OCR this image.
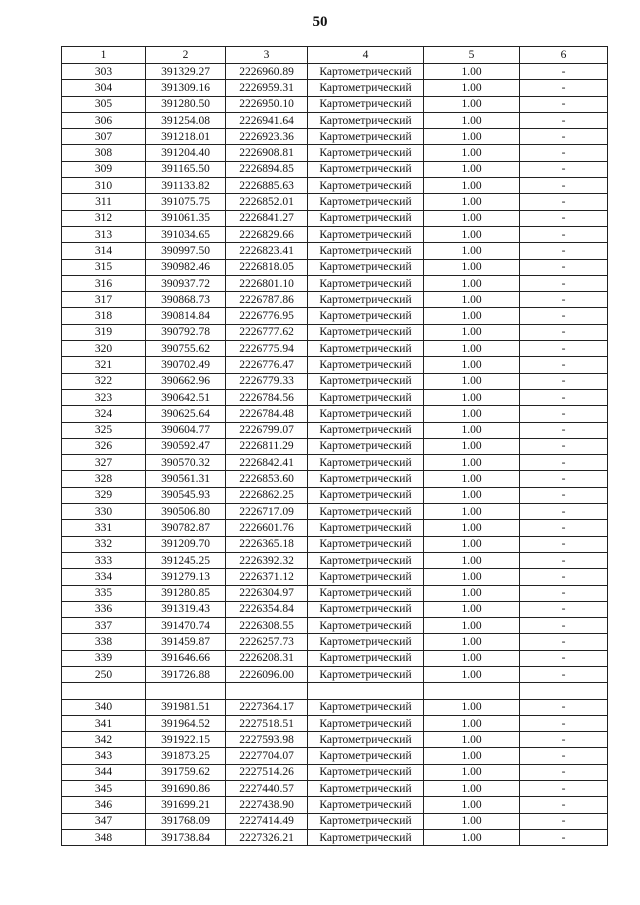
50
1	2	3	4	5	6
303	391329.27	2226960.89	Картометрический	1.00	-
304	391309.16	2226959.31	Картометрический	1.00	-
305	391280.50	2226950.10	Картометрический	1.00	-
306	391254.08	2226941.64	Картометрический	1.00	-
307	391218.01	2226923.36	Картометрический	1.00	-
308	391204.40	2226908.81	Картометрический	1.00	-
309	391165.50	2226894.85	Картометрический	1.00	-
310	391133.82	2226885.63	Картометрический	1.00	-
311	391075.75	2226852.01	Картометрический	1.00	-
312	391061.35	2226841.27	Картометрический	1.00	-
313	391034.65	2226829.66	Картометрический	1.00	-
314	390997.50	2226823.41	Картометрический	1.00	-
315	390982.46	2226818.05	Картометрический	1.00	-
316	390937.72	2226801.10	Картометрический	1.00	-
317	390868.73	2226787.86	Картометрический	1.00	-
318	390814.84	2226776.95	Картометрический	1.00	-
319	390792.78	2226777.62	Картометрический	1.00	-
320	390755.62	2226775.94	Картометрический	1.00	-
321	390702.49	2226776.47	Картометрический	1.00	-
322	390662.96	2226779.33	Картометрический	1.00	-
323	390642.51	2226784.56	Картометрический	1.00	-
324	390625.64	2226784.48	Картометрический	1.00	-
325	390604.77	2226799.07	Картометрический	1.00	-
326	390592.47	2226811.29	Картометрический	1.00	-
327	390570.32	2226842.41	Картометрический	1.00	-
328	390561.31	2226853.60	Картометрический	1.00	-
329	390545.93	2226862.25	Картометрический	1.00	-
330	390506.80	2226717.09	Картометрический	1.00	-
331	390782.87	2226601.76	Картометрический	1.00	-
332	391209.70	2226365.18	Картометрический	1.00	-
333	391245.25	2226392.32	Картометрический	1.00	-
334	391279.13	2226371.12	Картометрический	1.00	-
335	391280.85	2226304.97	Картометрический	1.00	-
336	391319.43	2226354.84	Картометрический	1.00	-
337	391470.74	2226308.55	Картометрический	1.00	-
338	391459.87	2226257.73	Картометрический	1.00	-
339	391646.66	2226208.31	Картометрический	1.00	-
250	391726.88	2226096.00	Картометрический	1.00	-

340	391981.51	2227364.17	Картометрический	1.00	-
341	391964.52	2227518.51	Картометрический	1.00	-
342	391922.15	2227593.98	Картометрический	1.00	-
343	391873.25	2227704.07	Картометрический	1.00	-
344	391759.62	2227514.26	Картометрический	1.00	-
345	391690.86	2227440.57	Картометрический	1.00	-
346	391699.21	2227438.90	Картометрический	1.00	-
347	391768.09	2227414.49	Картометрический	1.00	-
348	391738.84	2227326.21	Картометрический	1.00	-
